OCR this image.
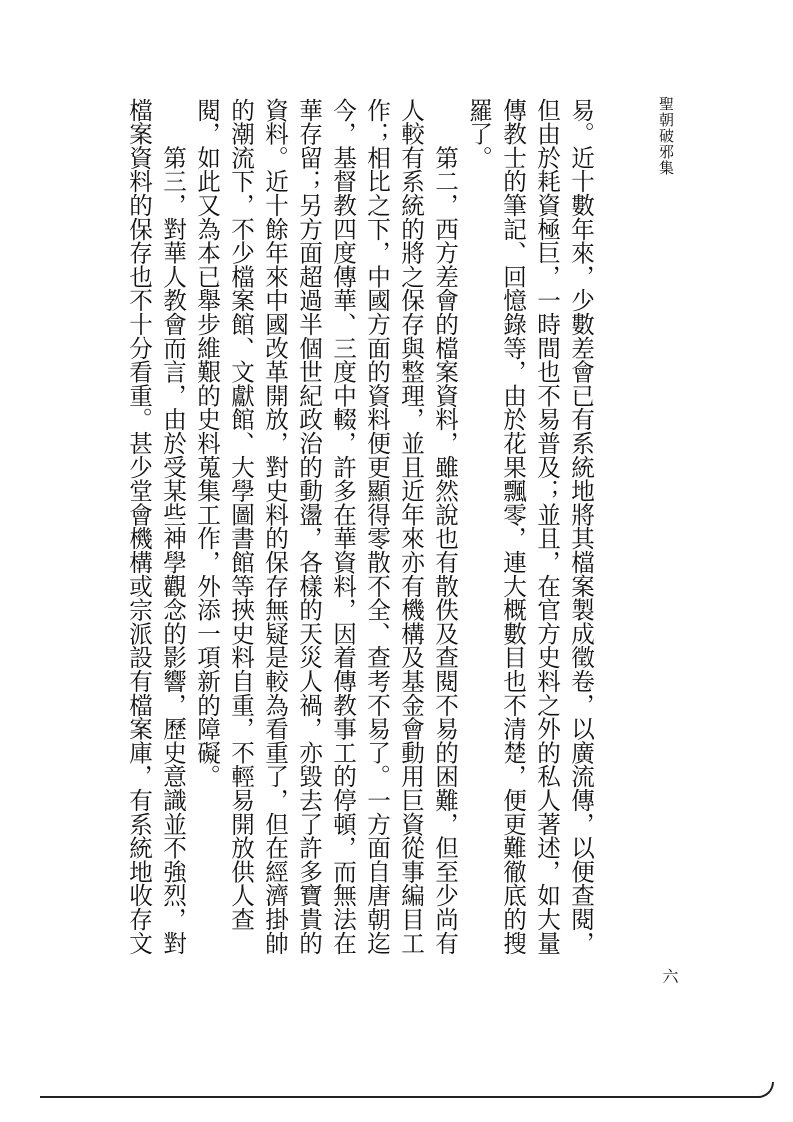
聖朝破邪集
六
易。近十數年來，少數差會已有系統地將其檔案製成徵卷，以廣流傳，以便查閱，
但由於耗資極巨，一時間也不易普及；並且，在官方史料之外的私人著述，如大量
傳教士的筆記、回憶錄等，由於花果飄零，連大概數目也不清楚，便更難徹底的搜
羅了。
　　第二，西方差會的檔案資料，雖然說也有散佚及查閱不易的困難，但至少尚有
人較有系統的將之保存與整理，並且近年來亦有機構及基金會動用巨資從事編目工
作；相比之下，中國方面的資料便更顯得零散不全、查考不易了。一方面自唐朝迄
今，基督教四度傳華、三度中輟，許多在華資料，因着傳教事工的停頓，而無法在
華存留；另方面超過半個世紀政治的動盪，各樣的天災人禍，亦毀去了許多寶貴的
資料。近十餘年來中國改革開放，對史料的保存無疑是較為看重了，但在經濟掛帥
的潮流下，不少檔案館、文獻館、大學圖書館等挾史料自重，不輕易開放供人查
閱，如此又為本已舉步維艱的史料蒐集工作，外添一項新的障礙。
　　第三，對華人教會而言，由於受某些神學觀念的影響，歷史意識並不強烈，對
檔案資料的保存也不十分看重。甚少堂會機構或宗派設有檔案庫，有系統地收存文
